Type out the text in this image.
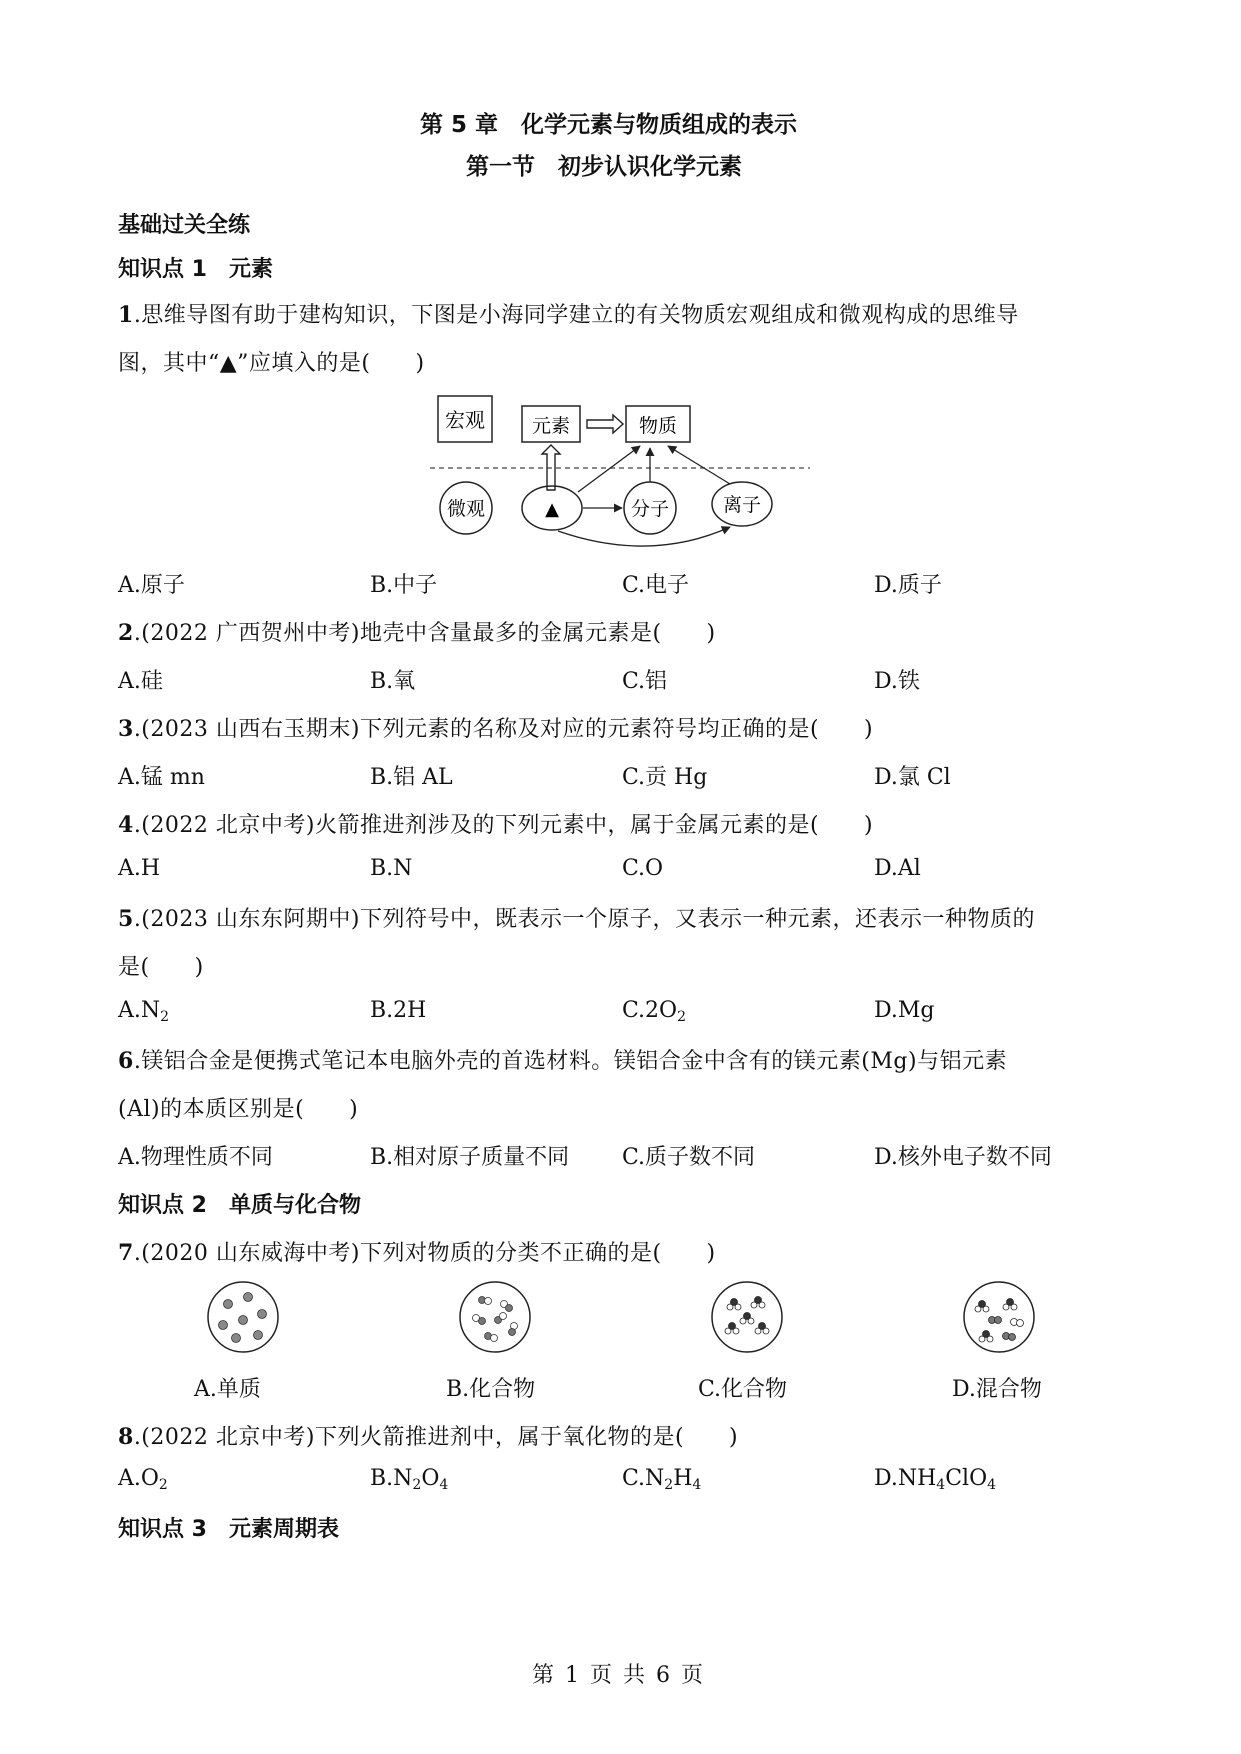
第 5 章　化学元素与物质组成的表示
第一节　初步认识化学元素
基础过关全练
知识点 1　元素
1.思维导图有助于建构知识，下图是小海同学建立的有关物质宏观组成和微观构成的思维导
图，其中“▲”应填入的是(　　)
宏观 元素	物质
微观	▲	分子	离子
A.原子	B.中子	C.电子	D.质子
2.(2022 广西贺州中考)地壳中含量最多的金属元素是(　　)
A.硅	B.氧	C.铝	D.铁
3.(2023 山西右玉期末)下列元素的名称及对应的元素符号均正确的是(　　)
A.锰 mn	B.铝 AL	C.贡 Hg	D.氯 Cl
4.(2022 北京中考)火箭推进剂涉及的下列元素中，属于金属元素的是(　　)
A.H	B.N	C.O	D.Al
5.(2023 山东东阿期中)下列符号中，既表示一个原子，又表示一种元素，还表示一种物质的
是(　　)
$A.N_2$	B.2H	$C.2O_2$	D.Mg
6.镁铝合金是便携式笔记本电脑外壳的首选材料。镁铝合金中含有的镁元素(Mg)与铝元素
(Al)的本质区别是(　　)
A.物理性质不同	B.相对原子质量不同 C.质子数不同	D.核外电子数不同
知识点 2　单质与化合物
7.(2020 山东威海中考)下列对物质的分类不正确的是(　　)
A.单质	B.化合物	C.化合物	D.混合物
8.(2022 北京中考)下列火箭推进剂中，属于氧化物的是(　　)
$A.O_2$	$B.N_2O_4$	$C.N_2H_4$	$D.NH_4ClO_4$
知识点 3　元素周期表
第 1 页 共 6 页
